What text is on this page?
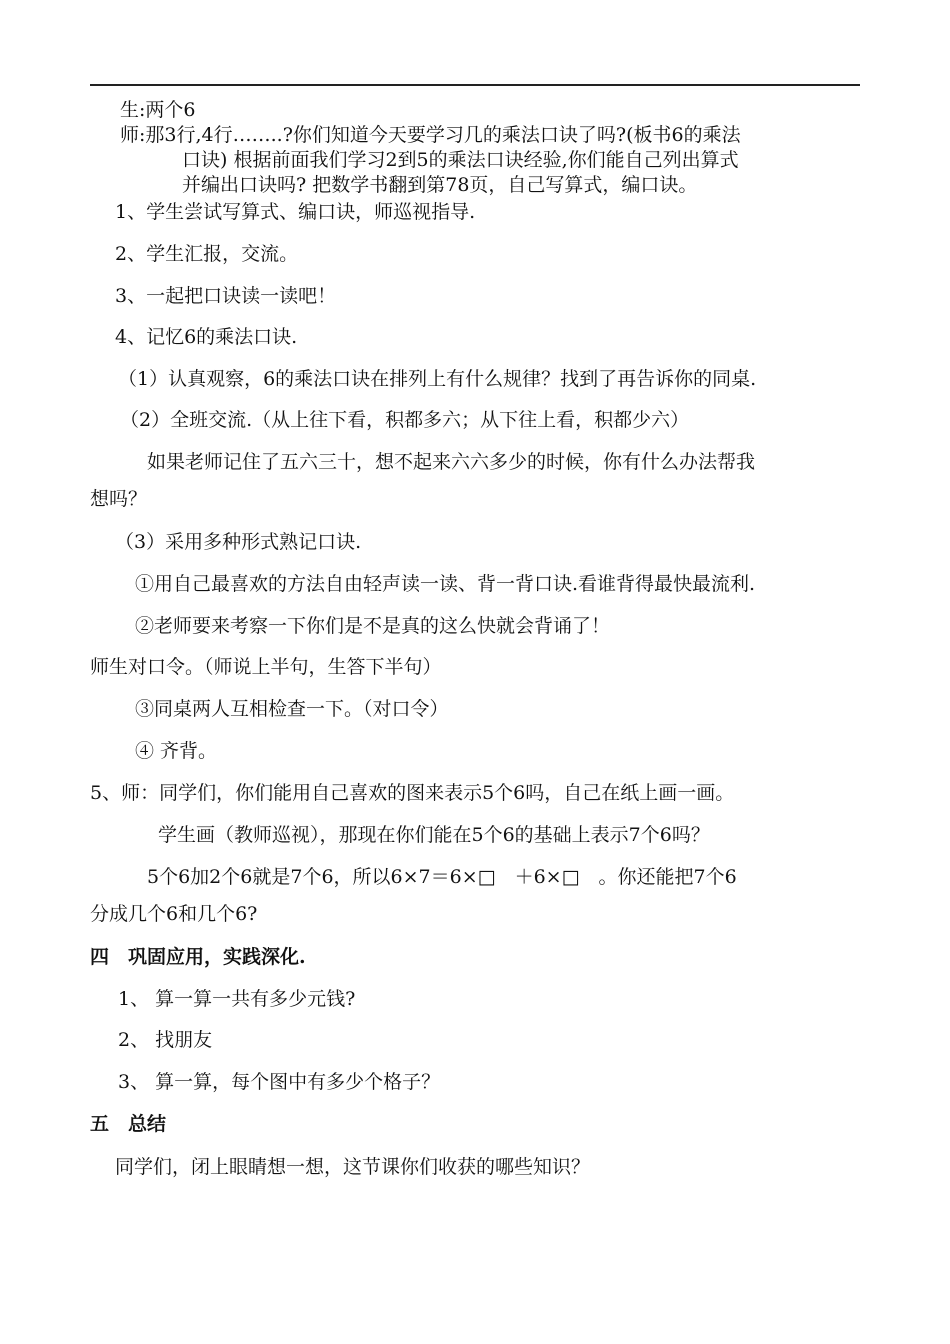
生:两个6
师:那3行,4行……..?你们知道今天要学习几的乘法口诀了吗?(板书6的乘法
口诀) 根据前面我们学习2到5的乘法口诀经验,你们能自己列出算式
并编出口诀吗? 把数学书翻到第78页，自己写算式，编口诀。
1、学生尝试写算式、编口诀，师巡视指导.
2、学生汇报，交流。
3、一起把口诀读一读吧！
4、记忆6的乘法口诀.
（1）认真观察，6的乘法口诀在排列上有什么规律？找到了再告诉你的同桌.
（2）全班交流.（从上往下看，积都多六；从下往上看，积都少六）
如果老师记住了五六三十，想不起来六六多少的时候，你有什么办法帮我
想吗？
（3）采用多种形式熟记口诀.
①用自己最喜欢的方法自由轻声读一读、背一背口诀.看谁背得最快最流利.
②老师要来考察一下你们是不是真的这么快就会背诵了！
师生对口令。（师说上半句，生答下半句）
③同桌两人互相检查一下。（对口令）
④ 齐背。
5、师：同学们，你们能用自己喜欢的图来表示5个6吗，自己在纸上画一画。
学生画（教师巡视），那现在你们能在5个6的基础上表示7个6吗？
5个6加2个6就是7个6，所以6×7＝6×□　＋6×□　。你还能把7个6
分成几个6和几个6?
四　巩固应用，实践深化.
1、 算一算一共有多少元钱?
2、 找朋友
3、 算一算，每个图中有多少个格子？
五　总结
同学们，闭上眼睛想一想，这节课你们收获的哪些知识？
